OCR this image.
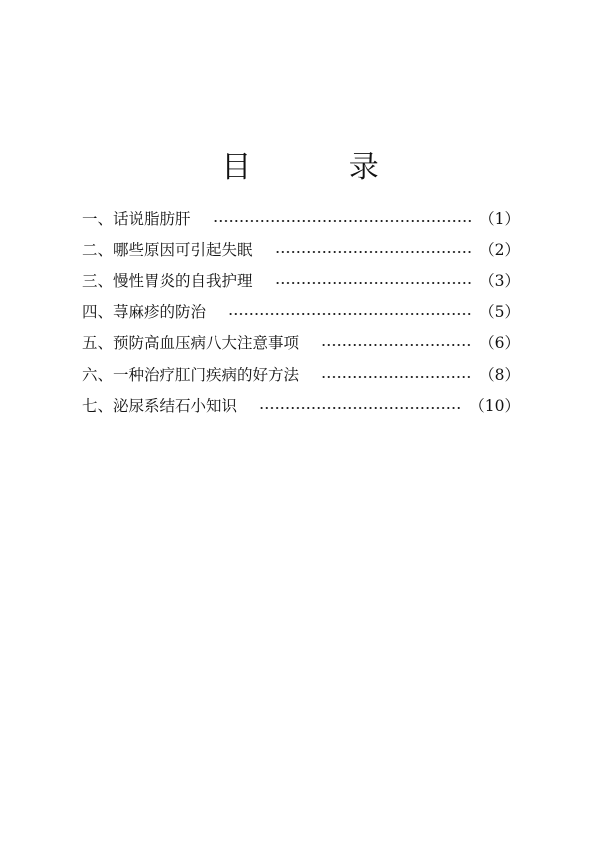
目 录
一、话说脂肪肝	（1）
二、哪些原因可引起失眠	（2）
三、慢性胃炎的自我护理	（3）
四、荨麻疹的防治	（5）
五、预防高血压病八大注意事项	（6）
六、一种治疗肛门疾病的好方法	（8）
七、泌尿系结石小知识	（10）
